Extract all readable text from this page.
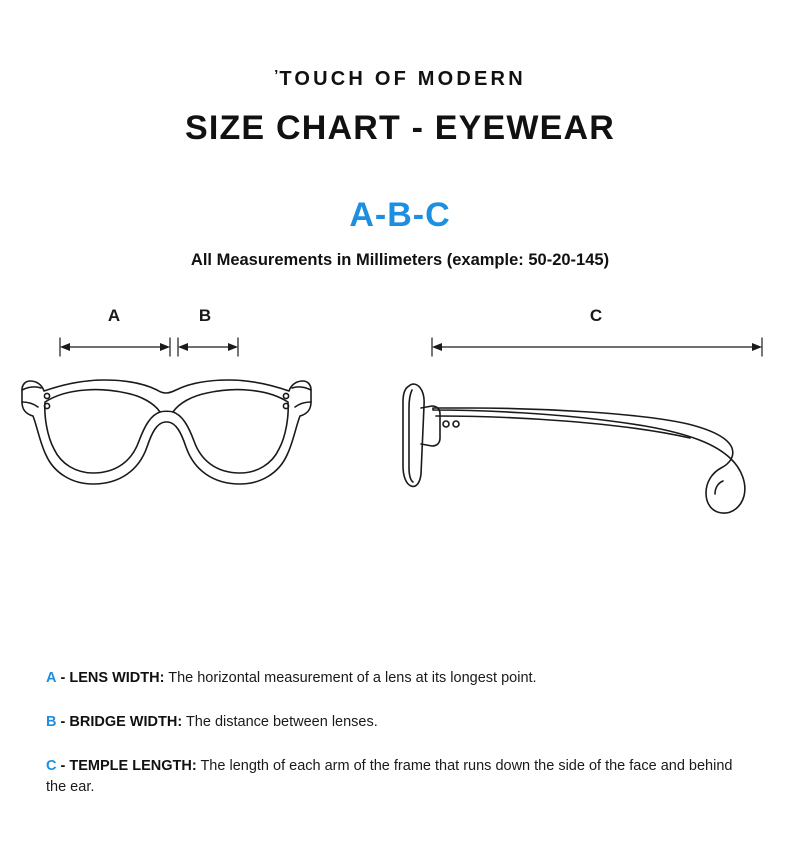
’TOUCH OF MODERN
SIZE CHART - EYEWEAR
A-B-C
All Measurements in Millimeters (example: 50-20-145)
A	B	C
A - LENS WIDTH: The horizontal measurement of a lens at its longest point.
B - BRIDGE WIDTH: The distance between lenses.
C - TEMPLE LENGTH: The length of each arm of the frame that runs down the side of the face and behind the ear.
